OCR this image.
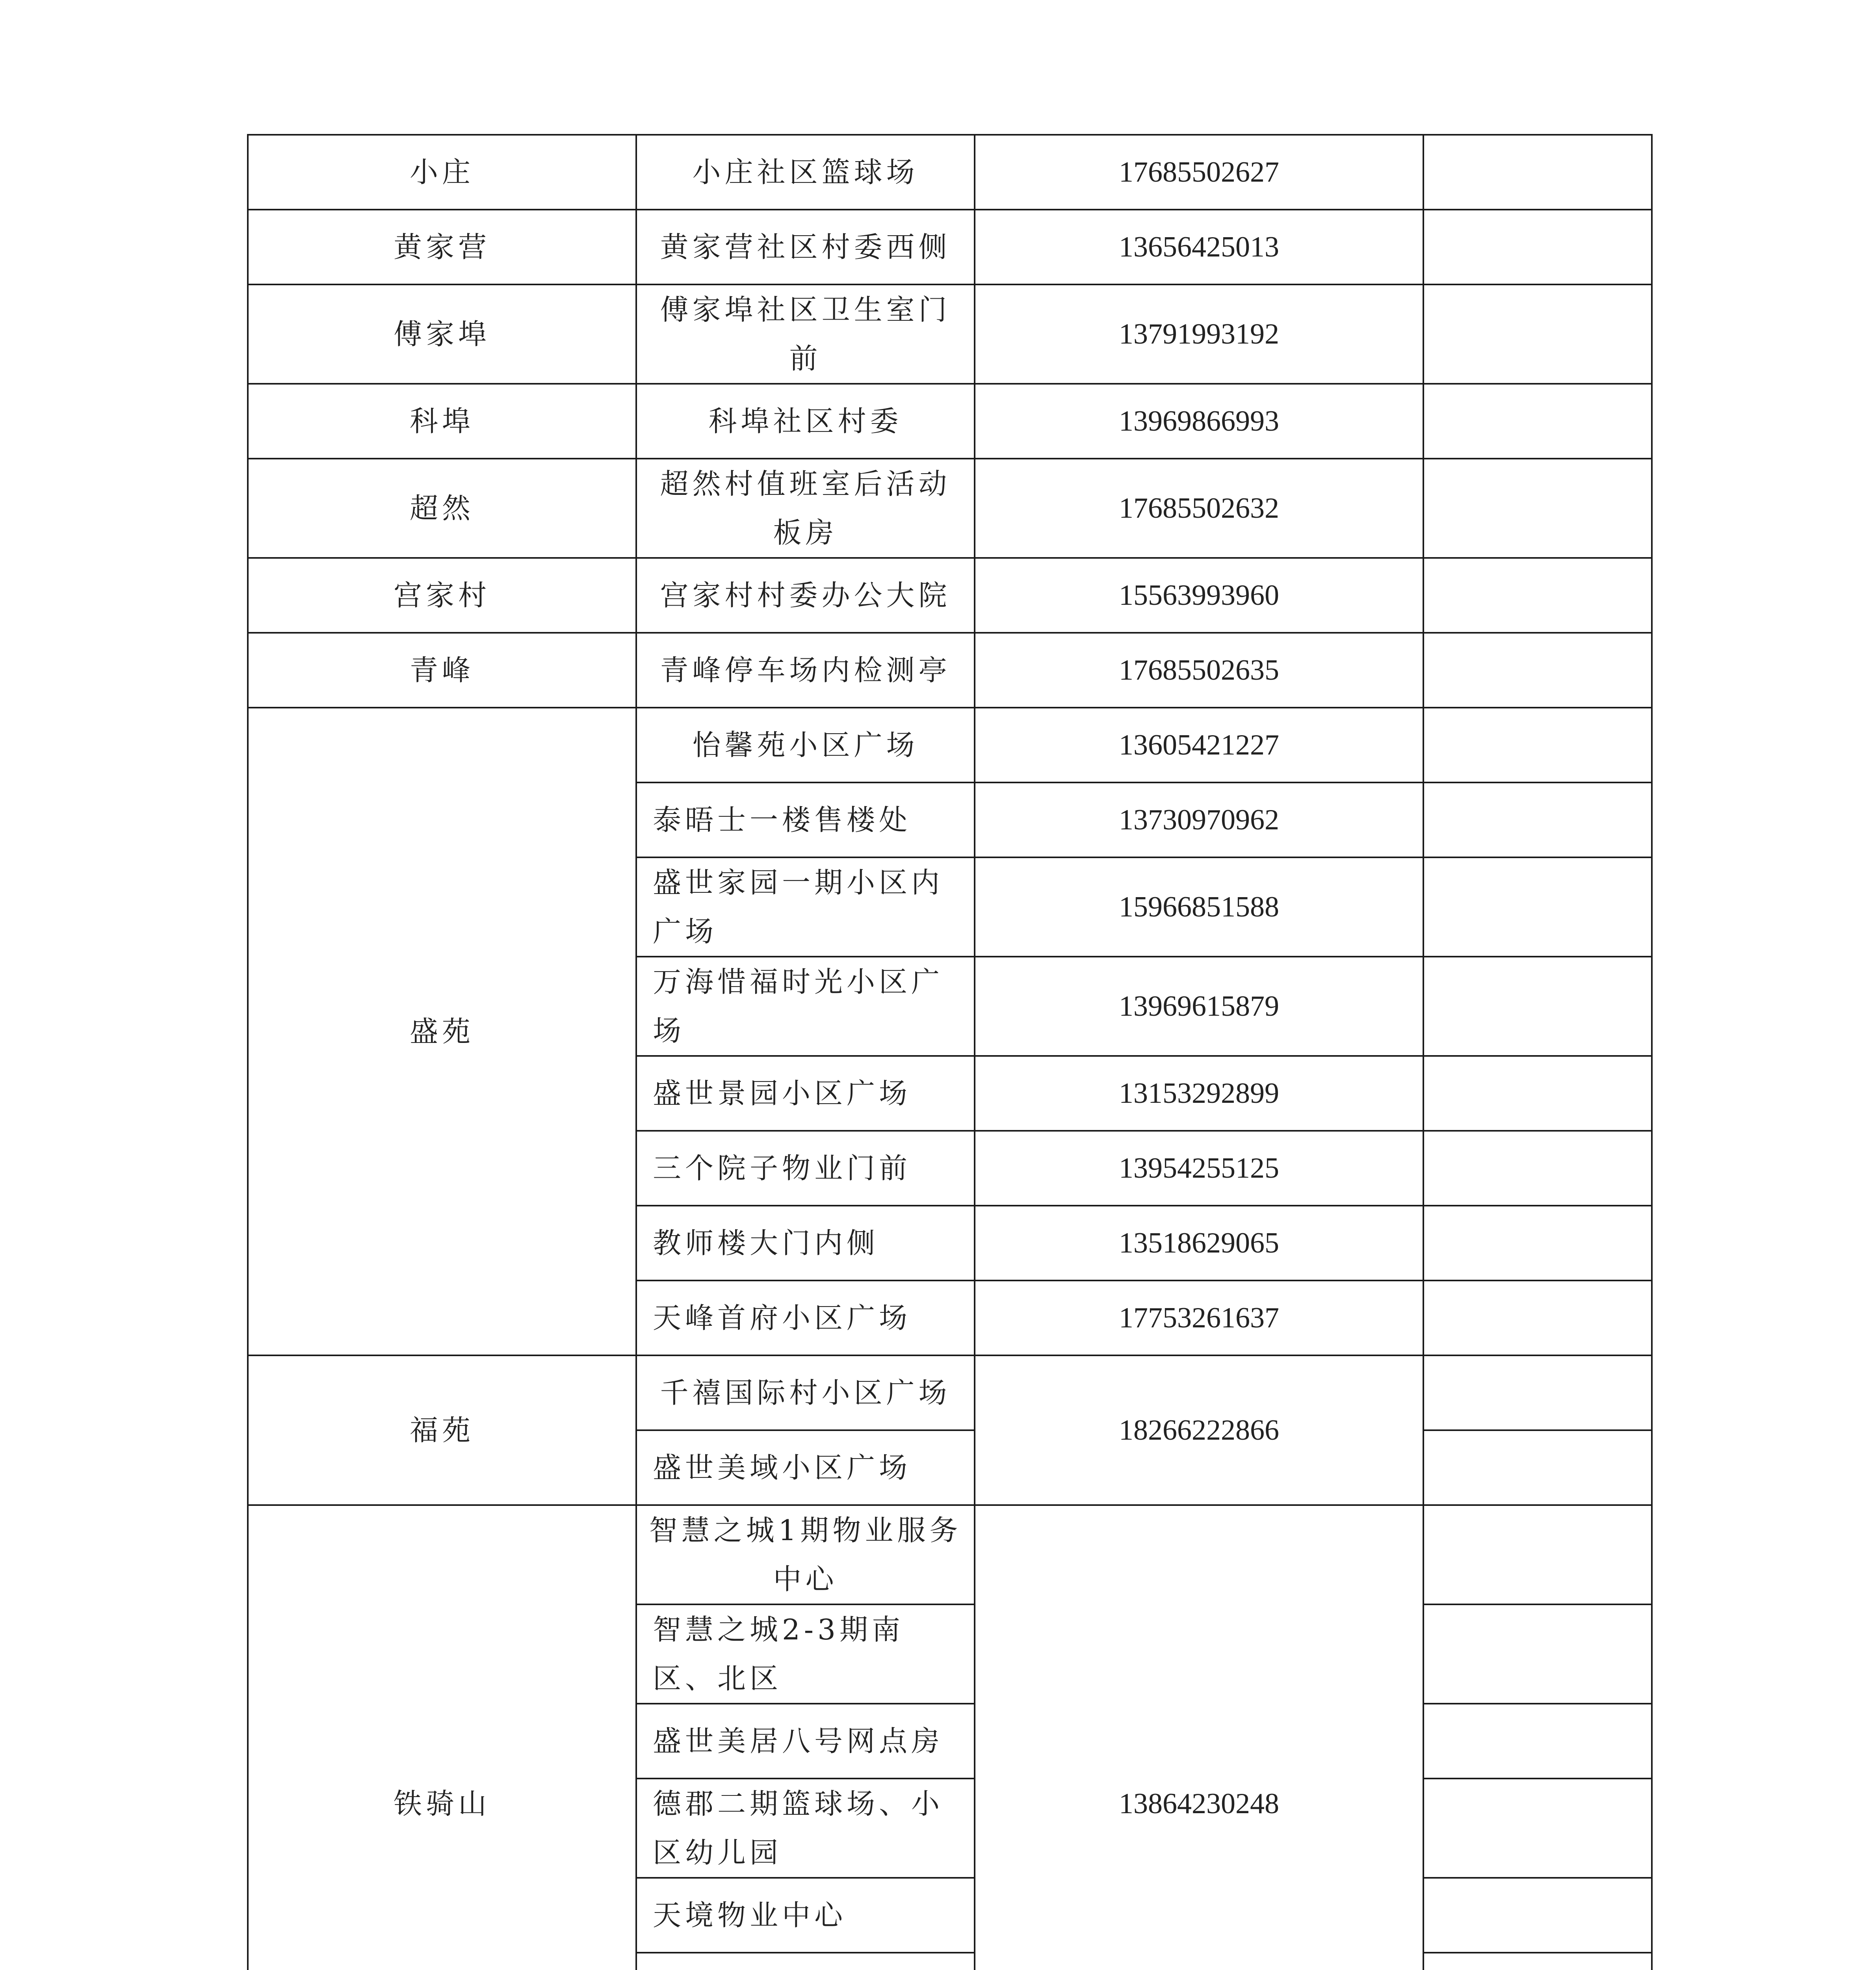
小庄	小庄社区篮球场	17685502627	
黄家营	黄家营社区村委西侧	13656425013	
傅家埠	傅家埠社区卫生室门前	13791993192	
科埠	科埠社区村委	13969866993	
超然	超然村值班室后活动板房	17685502632	
宫家村	宫家村村委办公大院	15563993960	
青峰	青峰停车场内检测亭	17685502635	
盛苑	怡馨苑小区广场	13605421227	
	泰晤士一楼售楼处	13730970962	
	盛世家园一期小区内广场	15966851588	
	万海惜福时光小区广场	13969615879	
	盛世景园小区广场	13153292899	
	三个院子物业门前	13954255125	
	教师楼大门内侧	13518629065	
	天峰首府小区广场	17753261637	
福苑	千禧国际村小区广场	18266222866	
	盛世美域小区广场		
铁骑山	智慧之城1期物业服务中心	13864230248	
	智慧之城2-3期南区、北区		
	盛世美居八号网点房		
	德郡二期篮球场、小区幼儿园		
	天境物业中心		
